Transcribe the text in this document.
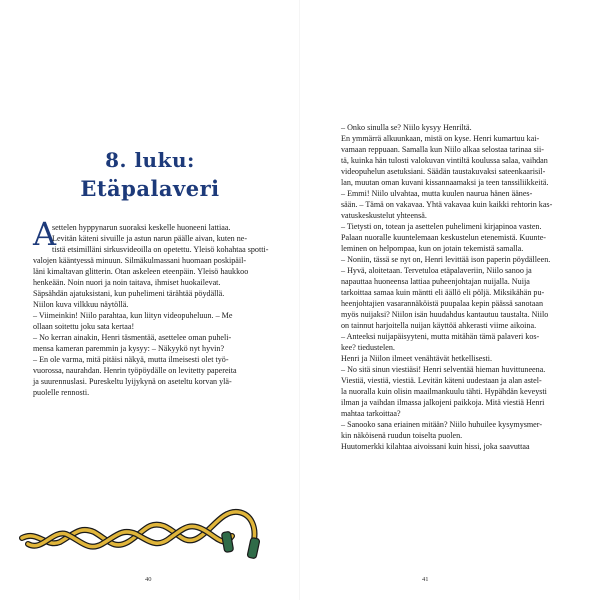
8. luku:
Etäpalaveri
A
settelen hyppynarun suoraksi keskelle huoneeni lattiaa.
Levitän käteni sivuille ja astun narun päälle aivan, kuten ne-
tistä etsimilläni sirkusvideoilla on opetettu. Yleisö kohahtaa spotti-
valojen kääntyessä minuun. Silmäkulmassani huomaan poskipäil-
läni kimaltavan glitterin. Otan askeleen eteenpäin. Yleisö haukkoo
henkeään. Noin nuori ja noin taitava, ihmiset huokailevat.
Säpsähdän ajatuksistani, kun puhelimeni tärähtää pöydällä.
Niilon kuva vilkkuu näytöllä.
– Viimeinkin! Niilo parahtaa, kun liityn videopuheluun. – Me
ollaan soitettu joku sata kertaa!
– No kerran ainakin, Henri täsmentää, asettelee oman puheli-
mensa kameran paremmin ja kysyy: – Näkyykö nyt hyvin?
– En ole varma, mitä pitäisi näkyä, mutta ilmeisesti olet työ-
vuorossa, naurahdan. Henrin työpöydälle on levitetty papereita
ja suurennuslasi. Pureskeltu lyijykynä on aseteltu korvan ylä-
puolelle rennosti.
40
– Onko sinulla se? Niilo kysyy Henriltä.
En ymmärrä alkuunkaan, mistä on kyse. Henri kumartuu kai-
vamaan reppuaan. Samalla kun Niilo alkaa selostaa tarinaa sii-
tä, kuinka hän tulosti valokuvan vintiltä koulussa salaa, vaihdan
videopuhelun asetuksiani. Säädän taustakuvaksi sateenkaarisil-
lan, muutan oman kuvani kissannaamaksi ja teen tanssiliikkeitä.
– Emmi! Niilo ulvahtaa, mutta kuulen naurua hänen äänes-
sään. – Tämä on vakavaa. Yhtä vakavaa kuin kaikki rehtorin kas-
vatuskeskustelut yhteensä.
– Tietysti on, totean ja asettelen puhelimeni kirjapinoa vasten.
Palaan nuoralle kuuntelemaan keskustelun etenemistä. Kuunte-
leminen on helpompaa, kun on jotain tekemistä samalla.
– Noniin, tässä se nyt on, Henri levittää ison paperin pöydälleen.
– Hyvä, aloitetaan. Tervetuloa etäpalaveriin, Niilo sanoo ja
napauttaa huoneensa lattiaa puheenjohtajan nuijalla. Nuija
tarkoittaa samaa kuin mäntti eli äällö eli pöljä. Miksikähän pu-
heenjohtajien vasarannäköistä puupalaa kepin päässä sanotaan
myös nuijaksi? Niilon isän huudahdus kantautuu taustalta. Niilo
on tainnut harjoitella nuijan käyttöä ahkerasti viime aikoina.
– Anteeksi nuijapäisyyteni, mutta mitähän tämä palaveri kos-
kee? tiedustelen.
Henri ja Niilon ilmeet venähtävät hetkellisesti.
– No sitä sinun viestiäsi! Henri selventää hieman huvittuneena.
Viestiä, viestiä, viestiä. Levitän käteni uudestaan ja alan astel-
la nuoralla kuin olisin maailmankuulu tähti. Hypähdän keveysti
ilman ja vaihdan ilmassa jalkojeni paikkoja. Mitä viestiä Henri
mahtaa tarkoittaa?
– Sanooko sana eriainen mitään? Niilo huhuilee kysymysmer-
kin näköisenä ruudun toiselta puolen.
Huutomerkki kilahtaa aivoissani kuin hissi, joka saavuttaa
41
